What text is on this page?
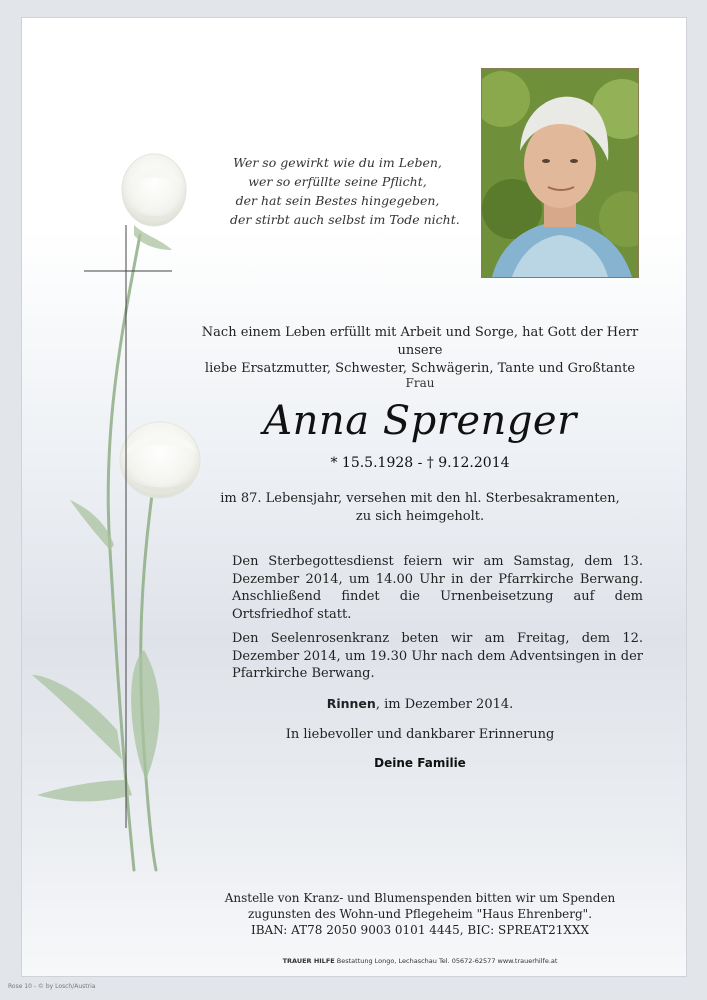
Wer so gewirkt wie du im Leben,
wer so erfüllte seine Pflicht,
der hat sein Bestes hingegeben,
der stirbt auch selbst im Tode nicht.
Nach einem Leben erfüllt mit Arbeit und Sorge, hat Gott der Herr unsere
liebe Ersatzmutter, Schwester, Schwägerin, Tante und Großtante
Frau
Anna Sprenger
* 15.5.1928 - † 9.12.2014
im 87. Lebensjahr, versehen mit den hl. Sterbesakramenten,
zu sich heimgeholt.

Den Sterbegottesdienst feiern wir am Samstag, dem 13. Dezember 2014, um 14.00 Uhr in der Pfarrkirche Berwang. Anschließend findet die Urnenbeisetzung auf dem Ortsfriedhof statt.

Den Seelenrosenkranz beten wir am Freitag, dem 12. Dezember 2014, um 19.30 Uhr nach dem Adventsingen in der Pfarrkirche Berwang.

Rinnen, im Dezember 2014.
In liebevoller und dankbarer Erinnerung
Deine Familie
Anstelle von Kranz- und Blumenspenden bitten wir um Spenden
zugunsten des Wohn-und Pflegeheim "Haus Ehrenberg".
IBAN: AT78 2050 9003 0101 4445, BIC: SPREAT21XXX
TRAUER HILFE Bestattung Longo, Lechaschau Tel. 05672-62577 www.trauerhilfe.at
Rose 10 - © by Losch/Austria
